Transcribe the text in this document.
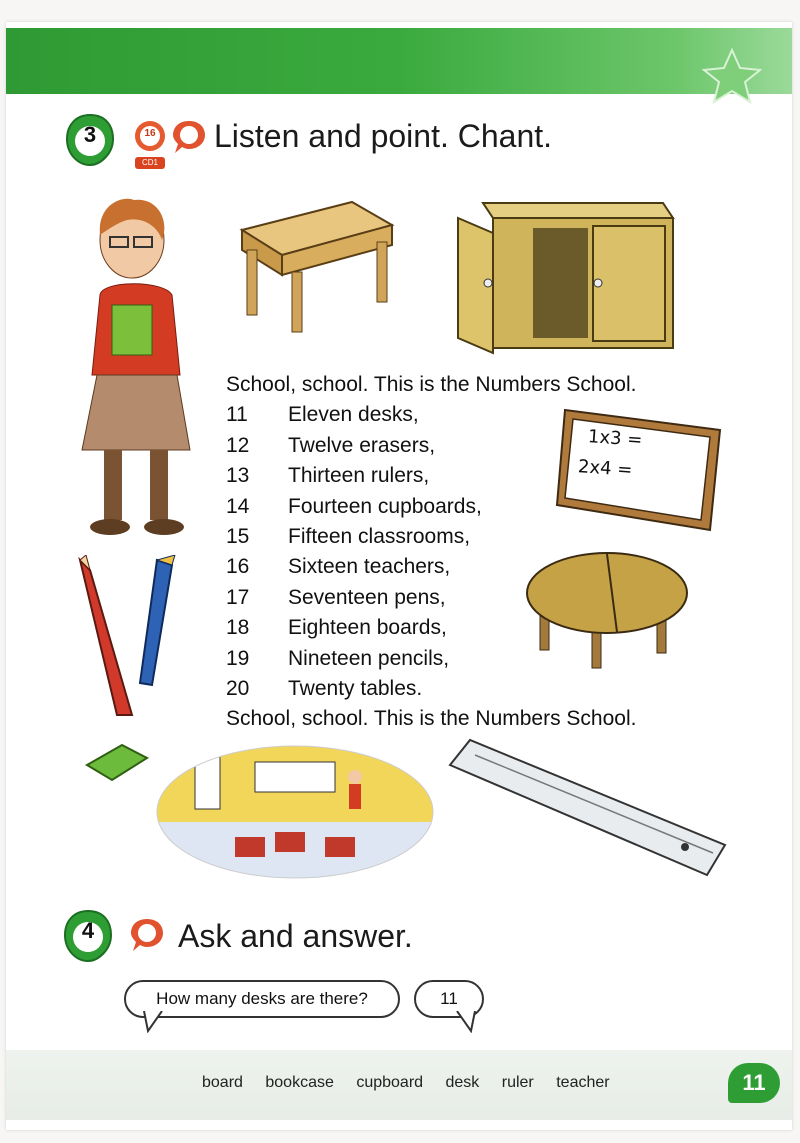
3	16
CD1
Listen and point. Chant.
School, school. This is the Numbers School.
11 Eleven desks,
12 Twelve erasers,
13 Thirteen rulers,
14 Fourteen cupboards,
15 Fifteen classrooms,
16 Sixteen teachers,
17 Seventeen pens,
18 Eighteen boards,
19 Nineteen pencils,
20 Twenty tables.
School, school. This is the Numbers School.
1x3 =
2x4 =
4	Ask and answer.
How many desks are there?	11
board bookcase cupboard desk ruler teacher	11
